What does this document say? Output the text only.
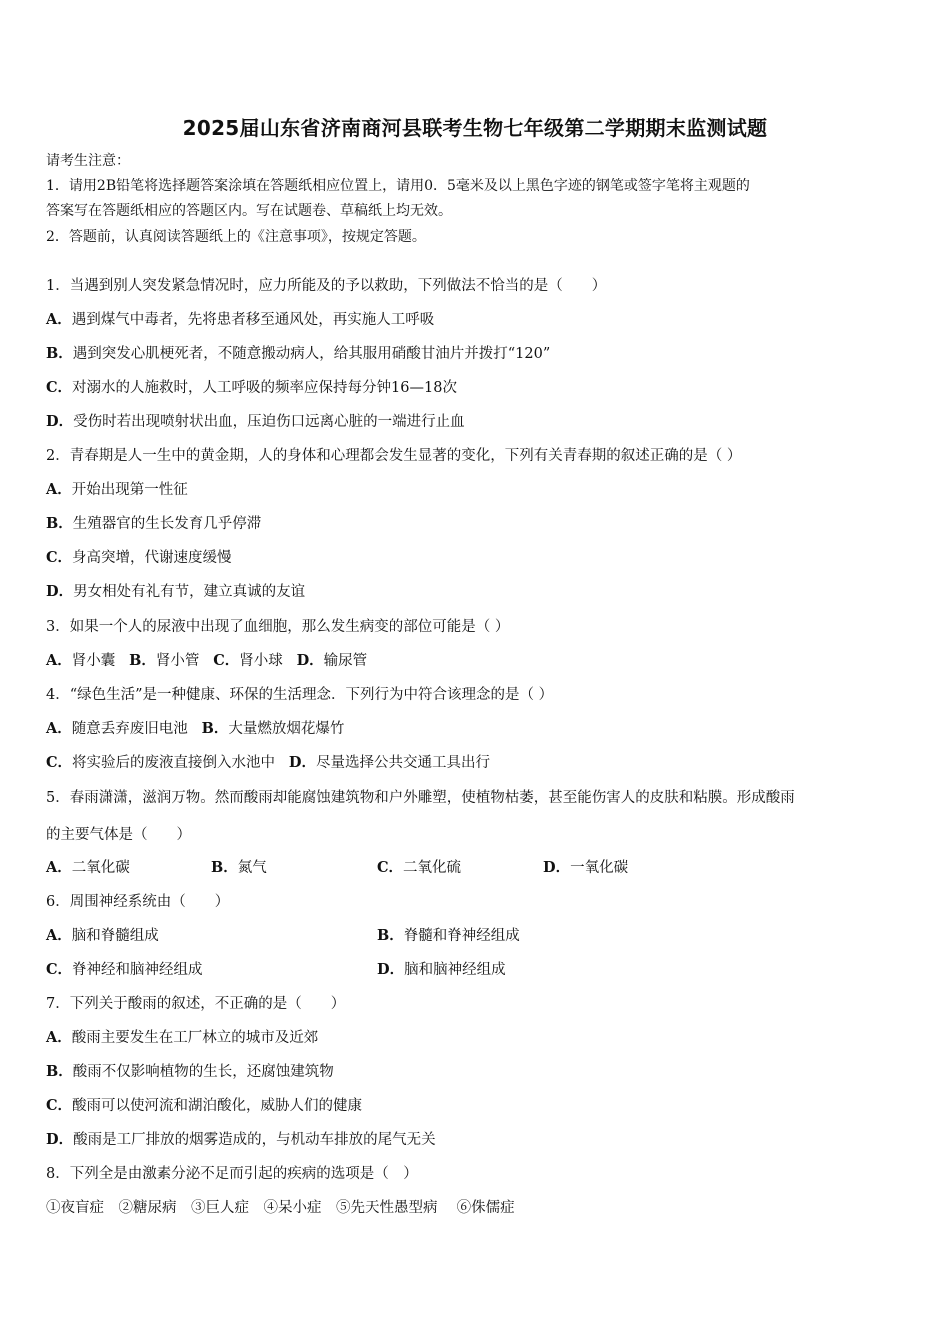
2025届山东省济南商河县联考生物七年级第二学期期末监测试题
请考生注意：
1．请用2B铅笔将选择题答案涂填在答题纸相应位置上，请用0．5毫米及以上黑色字迹的钢笔或签字笔将主观题的
答案写在答题纸相应的答题区内。写在试题卷、草稿纸上均无效。
2．答题前，认真阅读答题纸上的《注意事项》，按规定答题。
1．当遇到别人突发紧急情况时，应力所能及的予以救助，下列做法不恰当的是（　　）
A．遇到煤气中毒者，先将患者移至通风处，再实施人工呼吸
B．遇到突发心肌梗死者，不随意搬动病人，给其服用硝酸甘油片并拨打“120”
C．对溺水的人施救时，人工呼吸的频率应保持每分钟16—18次
D．受伤时若出现喷射状出血，压迫伤口远离心脏的一端进行止血
2．青春期是人一生中的黄金期，人的身体和心理都会发生显著的变化，下列有关青春期的叙述正确的是（ ）
A．开始出现第一性征
B．生殖器官的生长发育几乎停滞
C．身高突增，代谢速度缓慢
D．男女相处有礼有节，建立真诚的友谊
3．如果一个人的尿液中出现了血细胞，那么发生病变的部位可能是（ ）
A．肾小囊 B．肾小管 C．肾小球 D．输尿管
4．“绿色生活”是一种健康、环保的生活理念．下列行为中符合该理念的是（ ）
A．随意丢弃废旧电池 B．大量燃放烟花爆竹
C．将实验后的废液直接倒入水池中 D．尽量选择公共交通工具出行
5．春雨潇潇，滋润万物。然而酸雨却能腐蚀建筑物和户外雕塑，使植物枯萎，甚至能伤害人的皮肤和粘膜。形成酸雨
的主要气体是（　　）
A．二氧化碳	B．氮气	C．二氧化硫	D．一氧化碳
6．周围神经系统由（　　）
A．脑和脊髓组成	B．脊髓和脊神经组成
C．脊神经和脑神经组成	D．脑和脑神经组成
7．下列关于酸雨的叙述，不正确的是（　　）
A．酸雨主要发生在工厂林立的城市及近郊
B．酸雨不仅影响植物的生长，还腐蚀建筑物
C．酸雨可以使河流和湖泊酸化，威胁人们的健康
D．酸雨是工厂排放的烟雾造成的，与机动车排放的尾气无关
8．下列全是由激素分泌不足而引起的疾病的选项是（　）
①夜盲症　②糖尿病　③巨人症　④呆小症　⑤先天性愚型病　 ⑥侏儒症
